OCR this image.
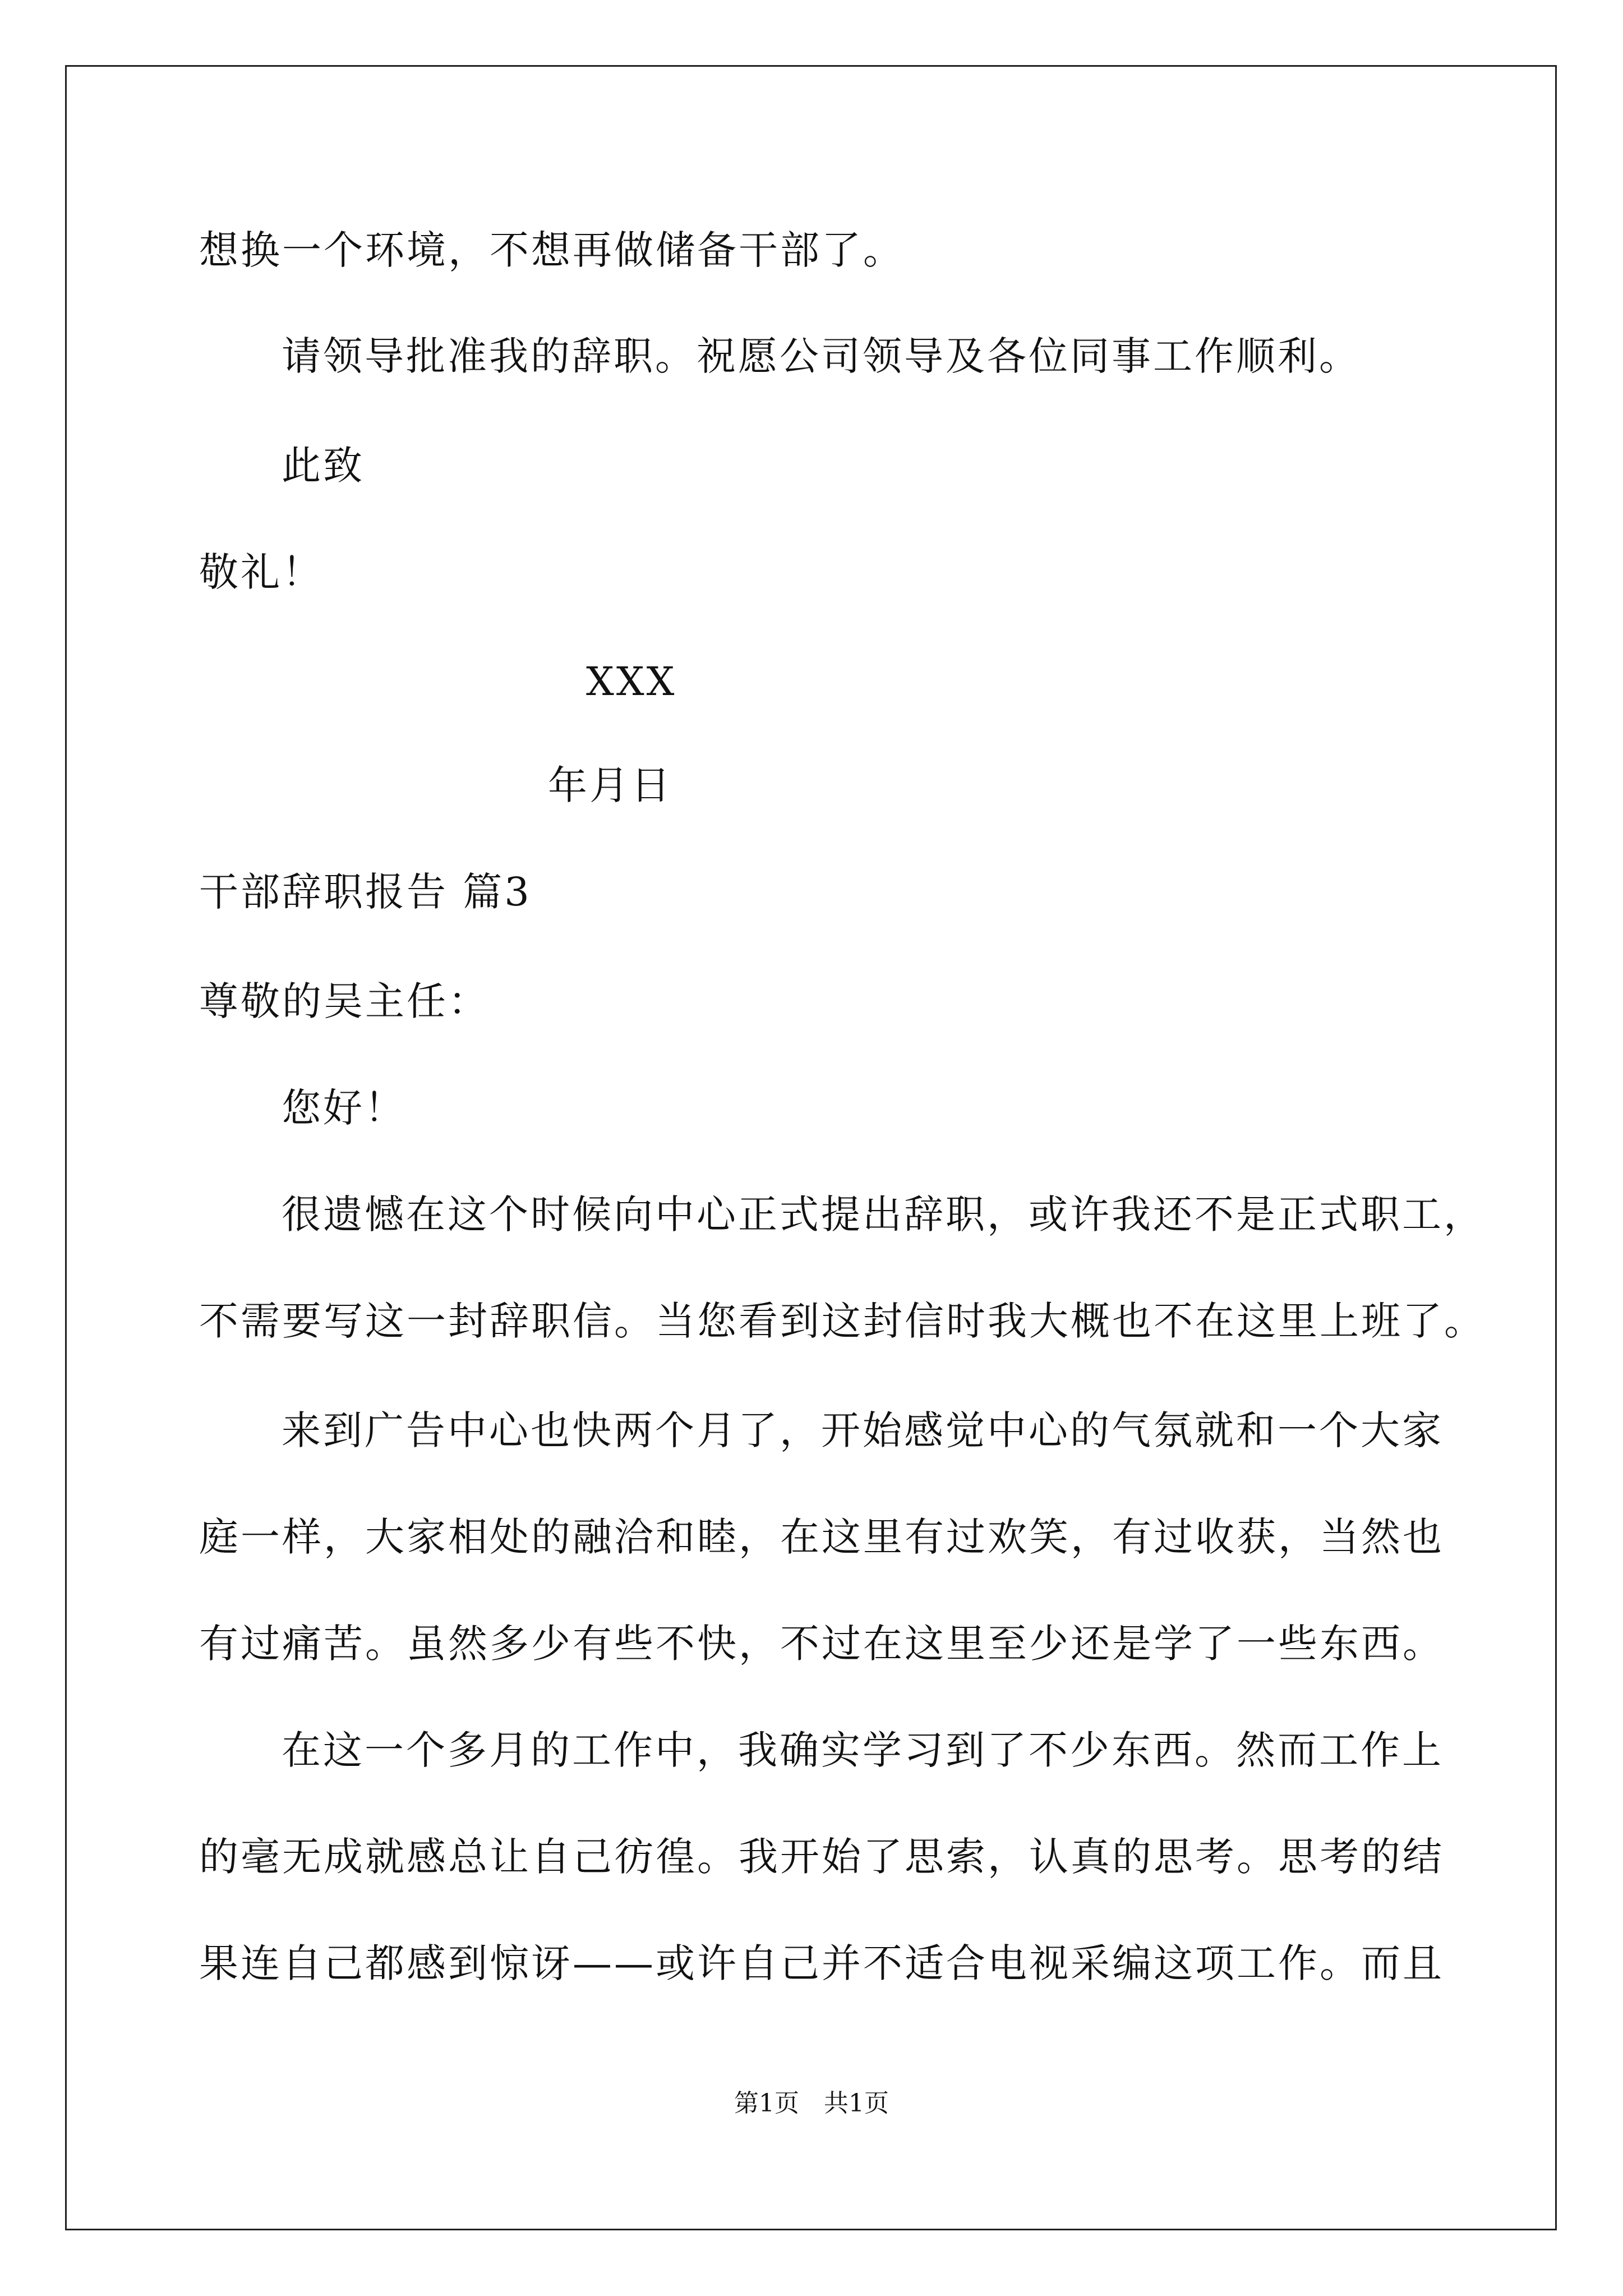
想换一个环境，不想再做储备干部了。
请领导批准我的辞职。祝愿公司领导及各位同事工作顺利。
此致
敬礼！
XXX
年月日
干部辞职报告 篇3
尊敬的吴主任：
您好！
很遗憾在这个时候向中心正式提出辞职，或许我还不是正式职工，
不需要写这一封辞职信。当您看到这封信时我大概也不在这里上班了。
来到广告中心也快两个月了，开始感觉中心的气氛就和一个大家
庭一样，大家相处的融洽和睦，在这里有过欢笑，有过收获，当然也
有过痛苦。虽然多少有些不快，不过在这里至少还是学了一些东西。
在这一个多月的工作中，我确实学习到了不少东西。然而工作上
的毫无成就感总让自己彷徨。我开始了思索，认真的思考。思考的结
果连自己都感到惊讶——或许自己并不适合电视采编这项工作。而且
第1页　共1页
